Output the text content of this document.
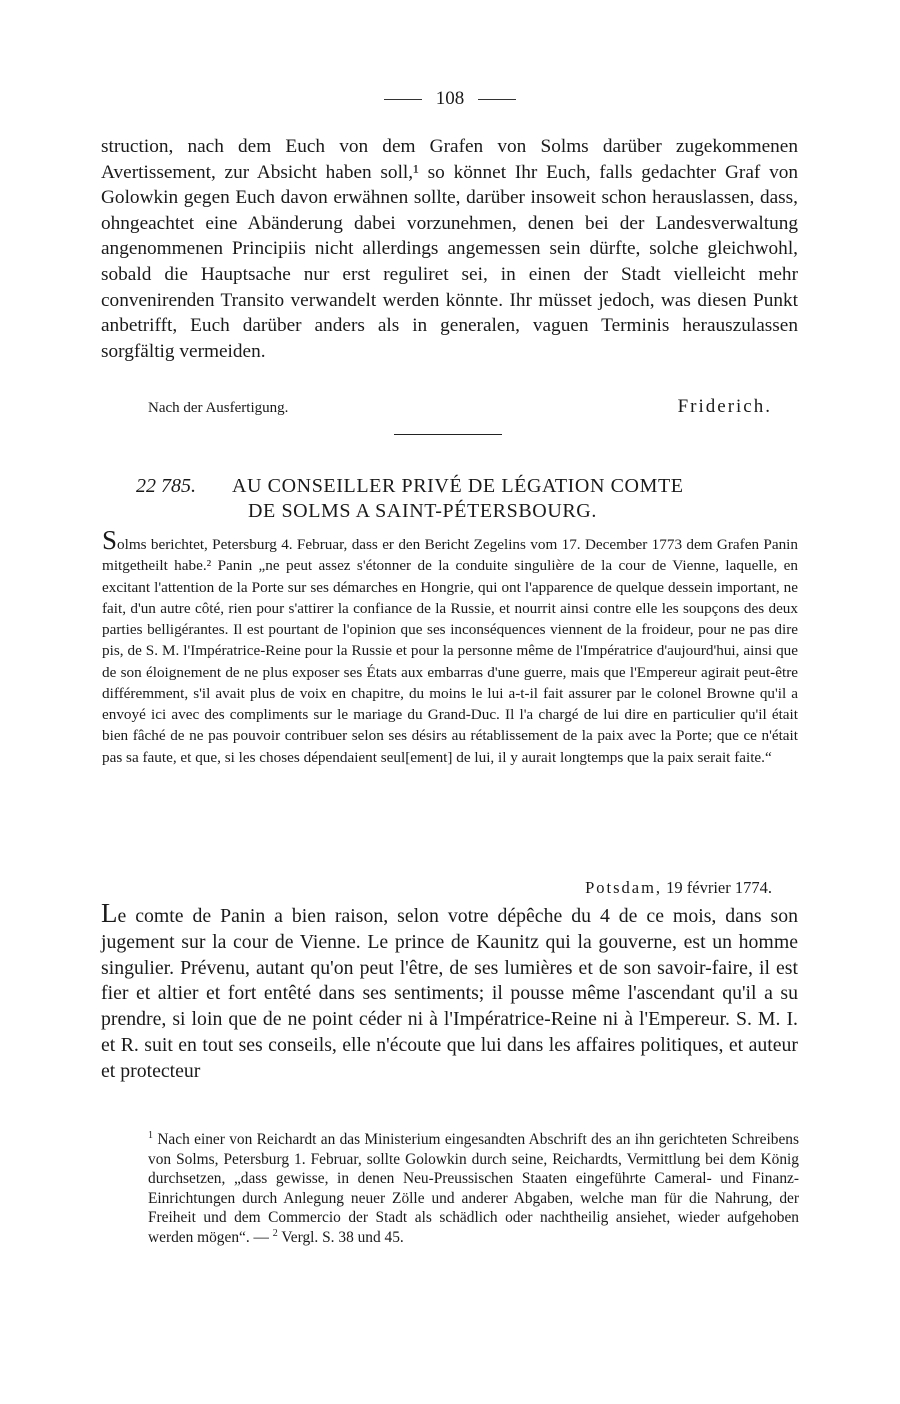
108

struction, nach dem Euch von dem Grafen von Solms darüber zugekommenen Avertissement, zur Absicht haben soll,¹ so könnet Ihr Euch, falls gedachter Graf von Golowkin gegen Euch davon erwähnen sollte, darüber insoweit schon herauslassen, dass, ohngeachtet eine Abänderung dabei vorzunehmen, denen bei der Landesverwaltung angenommenen Principiis nicht allerdings angemessen sein dürfte, solche gleichwohl, sobald die Hauptsache nur erst reguliret sei, in einen der Stadt vielleicht mehr convenirenden Transito verwandelt werden könnte. Ihr müsset jedoch, was diesen Punkt anbetrifft, Euch darüber anders als in generalen, vaguen Terminis herauszulassen sorgfältig vermeiden.

Nach der Ausfertigung.	Friderich.
22 785. AU CONSEILLER PRIVÉ DE LÉGATION COMTE
DE SOLMS A SAINT-PÉTERSBOURG.

Solms berichtet, Petersburg 4. Februar, dass er den Bericht Zegelins vom 17. December 1773 dem Grafen Panin mitgetheilt habe.² Panin „ne peut assez s'étonner de la conduite singulière de la cour de Vienne, laquelle, en excitant l'attention de la Porte sur ses démarches en Hongrie, qui ont l'apparence de quelque dessein important, ne fait, d'un autre côté, rien pour s'attirer la confiance de la Russie, et nourrit ainsi contre elle les soupçons des deux parties belligérantes. Il est pourtant de l'opinion que ses inconséquences viennent de la froideur, pour ne pas dire pis, de S. M. l'Impératrice-Reine pour la Russie et pour la personne même de l'Impératrice d'aujourd'hui, ainsi que de son éloignement de ne plus exposer ses États aux embarras d'une guerre, mais que l'Empereur agirait peut-être différemment, s'il avait plus de voix en chapitre, du moins le lui a-t-il fait assurer par le colonel Browne qu'il a envoyé ici avec des compliments sur le mariage du Grand-Duc. Il l'a chargé de lui dire en particulier qu'il était bien fâché de ne pas pouvoir contribuer selon ses désirs au rétablissement de la paix avec la Porte; que ce n'était pas sa faute, et que, si les choses dépendaient seul[ement] de lui, il y aurait longtemps que la paix serait faite.“

Potsdam, 19 février 1774.

Le comte de Panin a bien raison, selon votre dépêche du 4 de ce mois, dans son jugement sur la cour de Vienne. Le prince de Kaunitz qui la gouverne, est un homme singulier. Prévenu, autant qu'on peut l'être, de ses lumières et de son savoir-faire, il est fier et altier et fort entêté dans ses sentiments; il pousse même l'ascendant qu'il a su prendre, si loin que de ne point céder ni à l'Impératrice-Reine ni à l'Empereur. S. M. I. et R. suit en tout ses conseils, elle n'écoute que lui dans les affaires politiques, et auteur et protecteur

$^1$ Nach einer von Reichardt an das Ministerium eingesandten Abschrift des an ihn gerichteten Schreibens von Solms, Petersburg 1. Februar, sollte Golowkin durch seine, Reichardts, Vermittlung bei dem König durchsetzen, „dass gewisse, in denen Neu-Preussischen Staaten eingeführte Cameral- und Finanz-Einrichtungen durch Anlegung neuer Zölle und anderer Abgaben, welche man für die Nahrung, der Freiheit und dem Commercio der Stadt als schädlich oder nachtheilig ansiehet, wieder aufgehoben werden mögen“. — $^2$ Vergl. S. 38 und 45.
